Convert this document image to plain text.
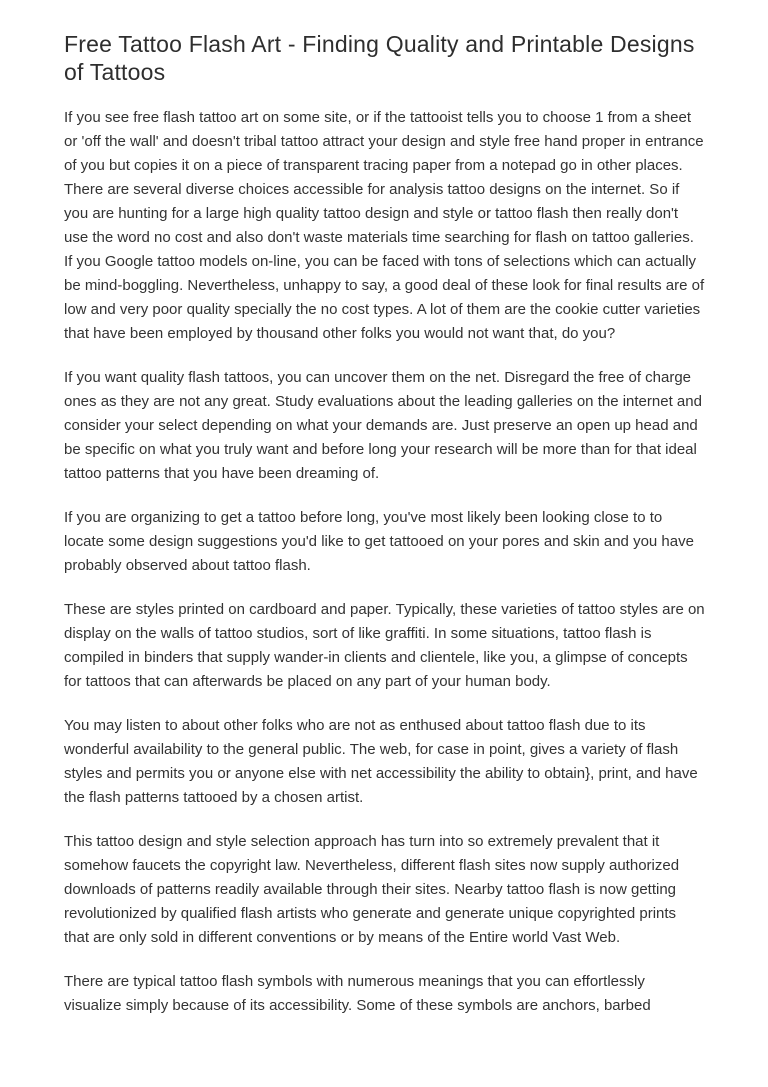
Free Tattoo Flash Art - Finding Quality and Printable Designs of Tattoos

If you see free flash tattoo art on some site, or if the tattooist tells you to choose 1 from a sheet or 'off the wall' and doesn't tribal tattoo attract your design and style free hand proper in entrance of you but copies it on a piece of transparent tracing paper from a notepad go in other places. There are several diverse choices accessible for analysis tattoo designs on the internet. So if you are hunting for a large high quality tattoo design and style or tattoo flash then really don't use the word no cost and also don't waste materials time searching for flash on tattoo galleries. If you Google tattoo models on-line, you can be faced with tons of selections which can actually be mind-boggling. Nevertheless, unhappy to say, a good deal of these look for final results are of low and very poor quality specially the no cost types. A lot of them are the cookie cutter varieties that have been employed by thousand other folks you would not want that, do you?

If you want quality flash tattoos, you can uncover them on the net. Disregard the free of charge ones as they are not any great. Study evaluations about the leading galleries on the internet and consider your select depending on what your demands are. Just preserve an open up head and be specific on what you truly want and before long your research will be more than for that ideal tattoo patterns that you have been dreaming of.

If you are organizing to get a tattoo before long, you've most likely been looking close to to locate some design suggestions you'd like to get tattooed on your pores and skin and you have probably observed about tattoo flash.

These are styles printed on cardboard and paper. Typically, these varieties of tattoo styles are on display on the walls of tattoo studios, sort of like graffiti. In some situations, tattoo flash is compiled in binders that supply wander-in clients and clientele, like you, a glimpse of concepts for tattoos that can afterwards be placed on any part of your human body.

You may listen to about other folks who are not as enthused about tattoo flash due to its wonderful availability to the general public. The web, for case in point, gives a variety of flash styles and permits you or anyone else with net accessibility the ability to obtain}, print, and have the flash patterns tattooed by a chosen artist.

This tattoo design and style selection approach has turn into so extremely prevalent that it somehow faucets the copyright law. Nevertheless, different flash sites now supply authorized downloads of patterns readily available through their sites. Nearby tattoo flash is now getting revolutionized by qualified flash artists who generate and generate unique copyrighted prints that are only sold in different conventions or by means of the Entire world Vast Web.

There are typical tattoo flash symbols with numerous meanings that you can effortlessly visualize simply because of its accessibility. Some of these symbols are anchors, barbed
